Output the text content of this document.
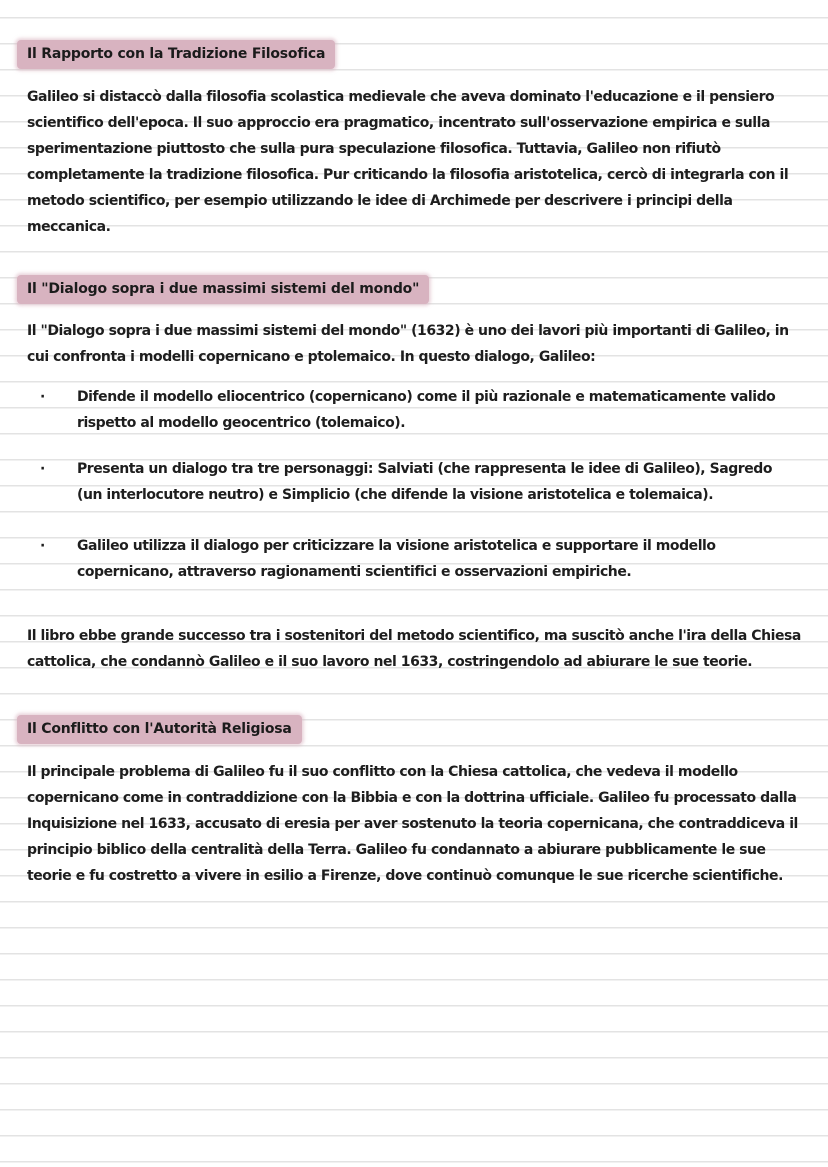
Il Rapporto con la Tradizione Filosofica
Galileo si distaccò dalla filosofia scolastica medievale che aveva dominato l'educazione e il pensiero scientifico dell'epoca. Il suo approccio era pragmatico, incentrato sull'osservazione empirica e sulla sperimentazione piuttosto che sulla pura speculazione filosofica. Tuttavia, Galileo non rifiutò completamente la tradizione filosofica. Pur criticando la filosofia aristotelica, cercò di integrarla con il metodo scientifico, per esempio utilizzando le idee di Archimede per descrivere i principi della meccanica.
Il "Dialogo sopra i due massimi sistemi del mondo"
Il "Dialogo sopra i due massimi sistemi del mondo" (1632) è uno dei lavori più importanti di Galileo, in cui confronta i modelli copernicano e ptolemaico. In questo dialogo, Galileo:
·	Difende il modello eliocentrico (copernicano) come il più razionale e matematicamente valido rispetto al modello geocentrico (tolemaico).
·	Presenta un dialogo tra tre personaggi: Salviati (che rappresenta le idee di Galileo), Sagredo (un interlocutore neutro) e Simplicio (che difende la visione aristotelica e tolemaica).
·	Galileo utilizza il dialogo per criticizzare la visione aristotelica e supportare il modello copernicano, attraverso ragionamenti scientifici e osservazioni empiriche.
Il libro ebbe grande successo tra i sostenitori del metodo scientifico, ma suscitò anche l'ira della Chiesa cattolica, che condannò Galileo e il suo lavoro nel 1633, costringendolo ad abiurare le sue teorie.
Il Conflitto con l'Autorità Religiosa
Il principale problema di Galileo fu il suo conflitto con la Chiesa cattolica, che vedeva il modello copernicano come in contraddizione con la Bibbia e con la dottrina ufficiale. Galileo fu processato dalla Inquisizione nel 1633, accusato di eresia per aver sostenuto la teoria copernicana, che contraddiceva il principio biblico della centralità della Terra. Galileo fu condannato a abiurare pubblicamente le sue teorie e fu costretto a vivere in esilio a Firenze, dove continuò comunque le sue ricerche scientifiche.
